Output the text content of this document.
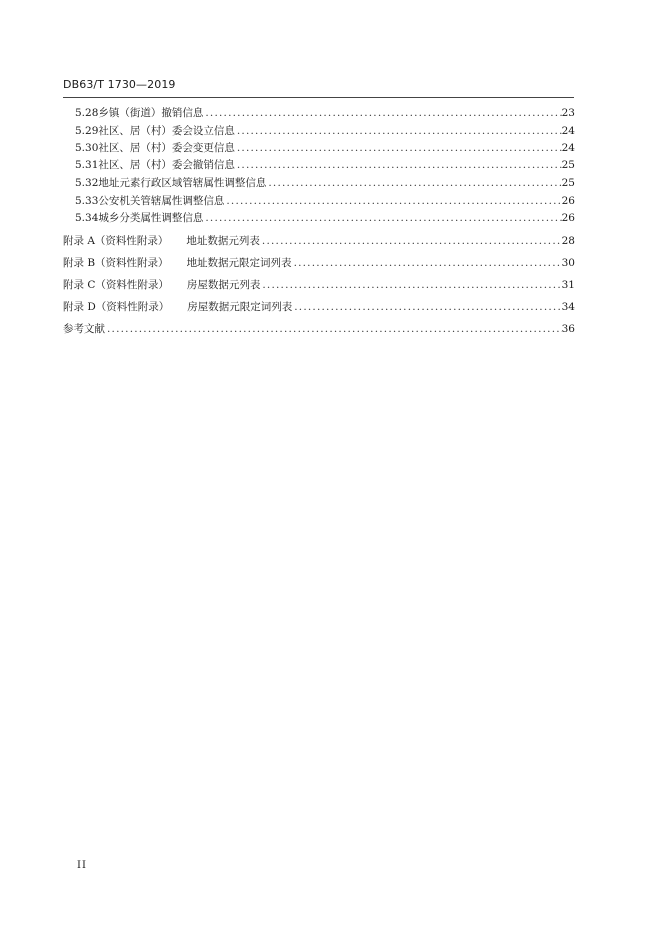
DB63/T 1730—2019
5.28 乡镇（街道）撤销信息 .....	23
5.29 社区、居（村）委会设立信息 .....	24
5.30 社区、居（村）委会变更信息 .....	24
5.31 社区、居（村）委会撤销信息 .....	25
5.32 地址元素行政区域管辖属性调整信息 .....	25
5.33 公安机关管辖属性调整信息 .....	26
5.34 城乡分类属性调整信息 .....	26
附录 A（资料性附录） 地址数据元列表 .....	28
附录 B（资料性附录） 地址数据元限定词列表 .....	30
附录 C（资料性附录） 房屋数据元列表 .....	31
附录 D（资料性附录） 房屋数据元限定词列表 .....	34
参考文献 .....	36
II
